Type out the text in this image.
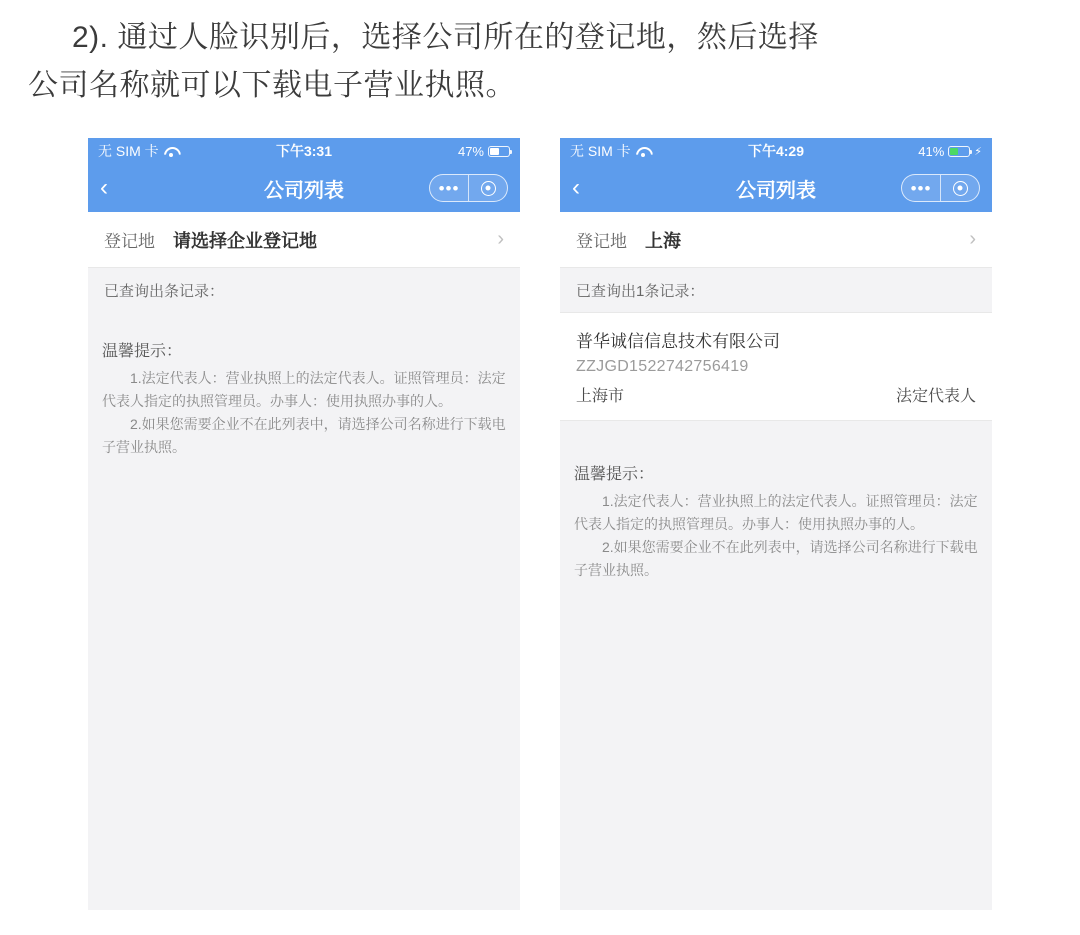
2). 通过人脸识别后，选择公司所在的登记地，然后选择
公司名称就可以下载电子营业执照。
无 SIM 卡	下午3:31	47%
‹	公司列表	•••
登记地 请选择企业登记地	›
已查询出条记录：
温馨提示：

1.法定代表人：营业执照上的法定代表人。证照管理员：法定代表人指定的执照管理员。办事人：使用执照办事的人。

2.如果您需要企业不在此列表中，请选择公司名称进行下载电子营业执照。

无 SIM 卡	下午4:29	41%	⚡
‹	公司列表	•••
登记地 上海	›
已查询出1条记录：
普华诚信信息技术有限公司
ZZJGD1522742756419
上海市	法定代表人
温馨提示：

1.法定代表人：营业执照上的法定代表人。证照管理员：法定代表人指定的执照管理员。办事人：使用执照办事的人。

2.如果您需要企业不在此列表中，请选择公司名称进行下载电子营业执照。
